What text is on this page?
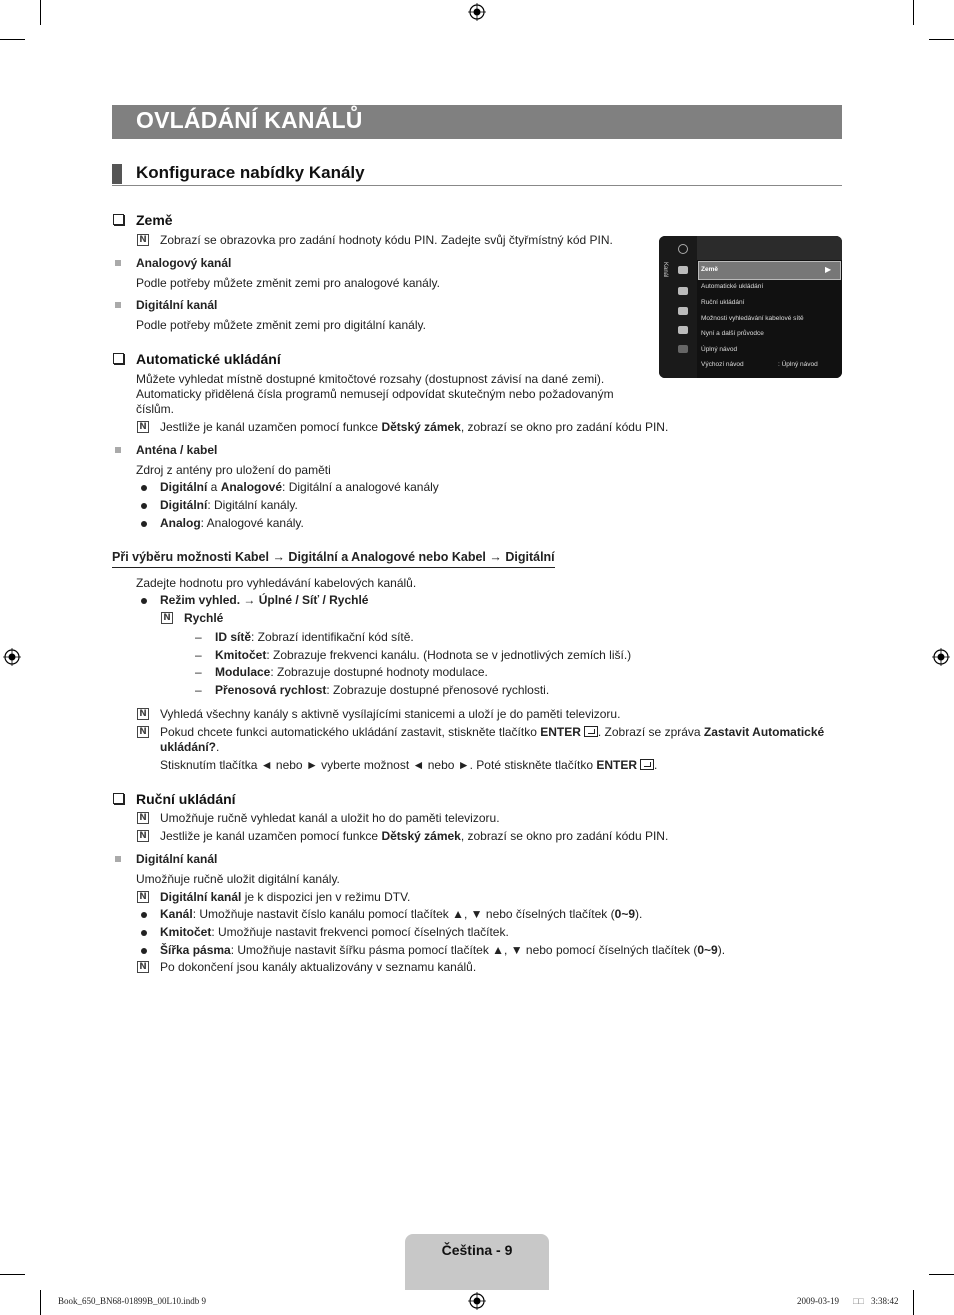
OVLÁDÁNÍ KANÁLŮ
Konfigurace nabídky Kanály
Země
N Zobrazí se obrazovka pro zadání hodnoty kódu PIN. Zadejte svůj čtyřmístný kód PIN.
Analogový kanál
Podle potřeby můžete změnit zemi pro analogové kanály.
Digitální kanál
Podle potřeby můžete změnit zemi pro digitální kanály.
Kanál	Země	▶
Automatické ukládání
Ruční ukládání
Možnosti vyhledávání kabelové sítě
Nyní a další průvodce
Úplný návod
Výchozí návod	: Úplný návod
Automatické ukládání
Můžete vyhledat místně dostupné kmitočtové rozsahy (dostupnost závisí na dané zemi).
Automaticky přidělená čísla programů nemusejí odpovídat skutečným nebo požadovaným
číslům.
N Jestliže je kanál uzamčen pomocí funkce Dětský zámek, zobrazí se okno pro zadání kódu PIN.
Anténa / kabel
Zdroj z antény pro uložení do paměti
Digitální a Analogové: Digitální a analogové kanály
Digitální: Digitální kanály.
Analog: Analogové kanály.
Při výběru možnosti Kabel → Digitální a Analogové nebo Kabel → Digitální
Zadejte hodnotu pro vyhledávání kabelových kanálů.
Režim vyhled. → Úplné / Síť / Rychlé
N Rychlé
– ID sítě: Zobrazí identifikační kód sítě.
– Kmitočet: Zobrazuje frekvenci kanálu. (Hodnota se v jednotlivých zemích liší.)
– Modulace: Zobrazuje dostupné hodnoty modulace.
– Přenosová rychlost: Zobrazuje dostupné přenosové rychlosti.
N Vyhledá všechny kanály s aktivně vysílajícími stanicemi a uloží je do paměti televizoru.
N Pokud chcete funkci automatického ukládání zastavit, stiskněte tlačítko ENTER . Zobrazí se zpráva Zastavit Automatické
ukládání?.
Stisknutím tlačítka ◄ nebo ► vyberte možnost ◄ nebo ►. Poté stiskněte tlačítko ENTER .
Ruční ukládání
N Umožňuje ručně vyhledat kanál a uložit ho do paměti televizoru.
N Jestliže je kanál uzamčen pomocí funkce Dětský zámek, zobrazí se okno pro zadání kódu PIN.
Digitální kanál
Umožňuje ručně uložit digitální kanály.
N Digitální kanál je k dispozici jen v režimu DTV.
Kanál: Umožňuje nastavit číslo kanálu pomocí tlačítek ▲, ▼ nebo číselných tlačítek (0~9).
Kmitočet: Umožňuje nastavit frekvenci pomocí číselných tlačítek.
Šířka pásma: Umožňuje nastavit šířku pásma pomocí tlačítek ▲, ▼ nebo pomocí číselných tlačítek (0~9).
N Po dokončení jsou kanály aktualizovány v seznamu kanálů.
Čeština - 9
Book_650_BN68-01899B_00L10.indb 9	2009-03-19 □□ 3:38:42
